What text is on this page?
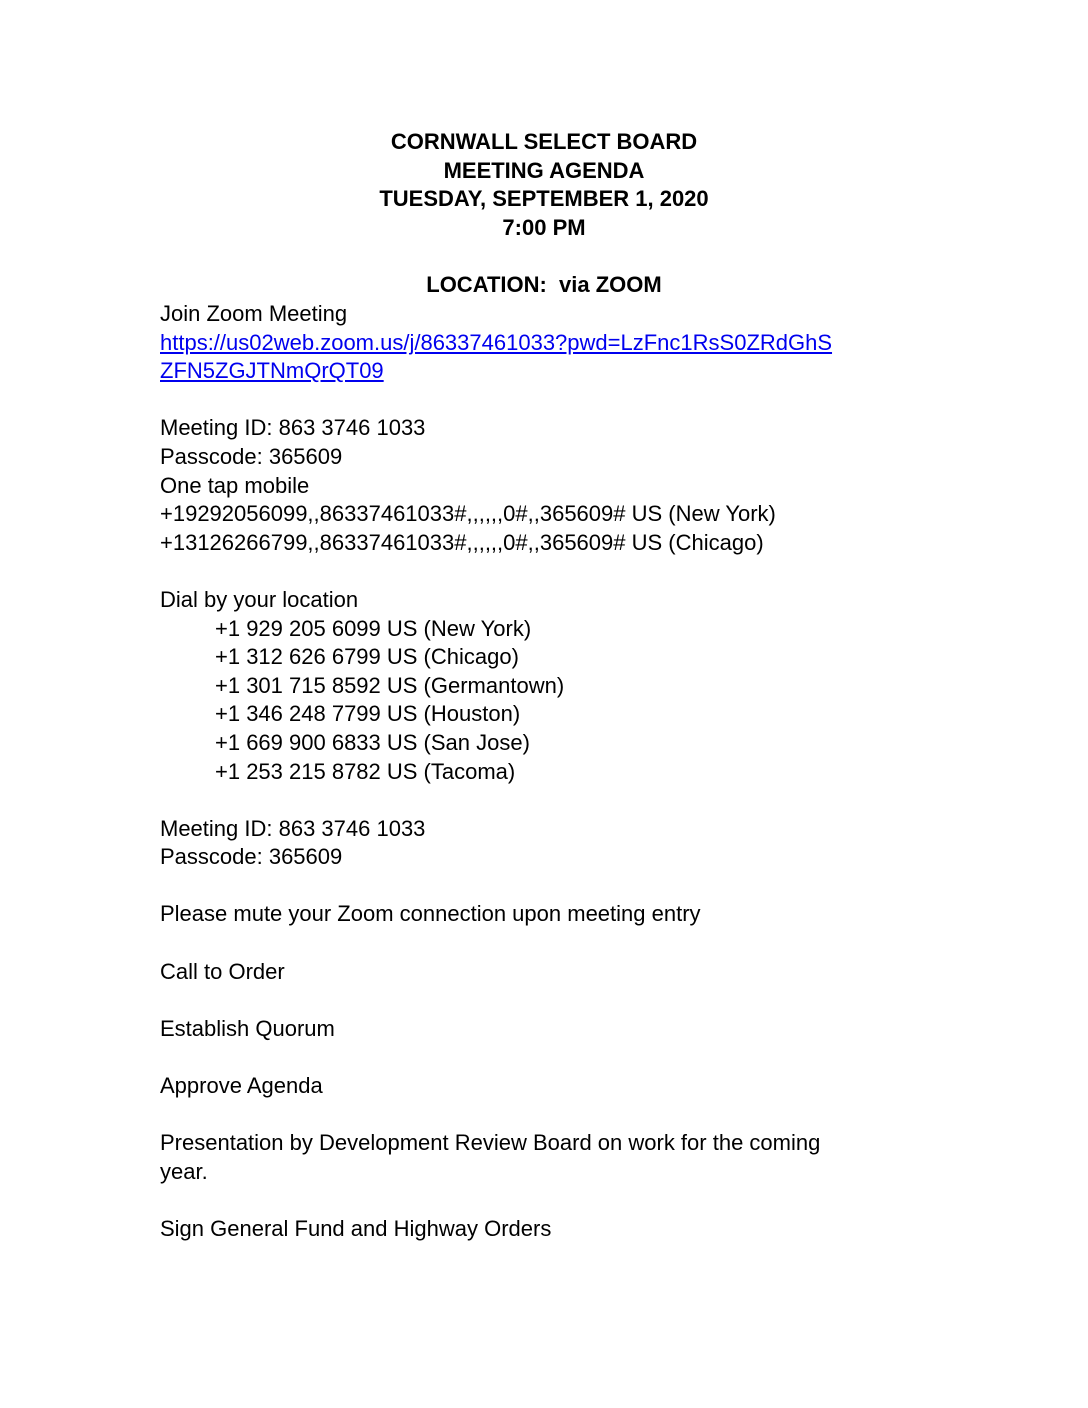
CORNWALL SELECT BOARD
MEETING AGENDA
TUESDAY, SEPTEMBER 1, 2020
7:00 PM
LOCATION:  via ZOOM
Join Zoom Meeting
https://us02web.zoom.us/j/86337461033?pwd=LzFnc1RsS0ZRdGhS
ZFN5ZGJTNmQrQT09
Meeting ID: 863 3746 1033
Passcode: 365609
One tap mobile
+19292056099,,86337461033#,,,,,,0#,,365609# US (New York)
+13126266799,,86337461033#,,,,,,0#,,365609# US (Chicago)
Dial by your location
+1 929 205 6099 US (New York)
+1 312 626 6799 US (Chicago)
+1 301 715 8592 US (Germantown)
+1 346 248 7799 US (Houston)
+1 669 900 6833 US (San Jose)
+1 253 215 8782 US (Tacoma)
Meeting ID: 863 3746 1033
Passcode: 365609
Please mute your Zoom connection upon meeting entry
Call to Order
Establish Quorum
Approve Agenda
Presentation by Development Review Board on work for the coming
year.
Sign General Fund and Highway Orders
